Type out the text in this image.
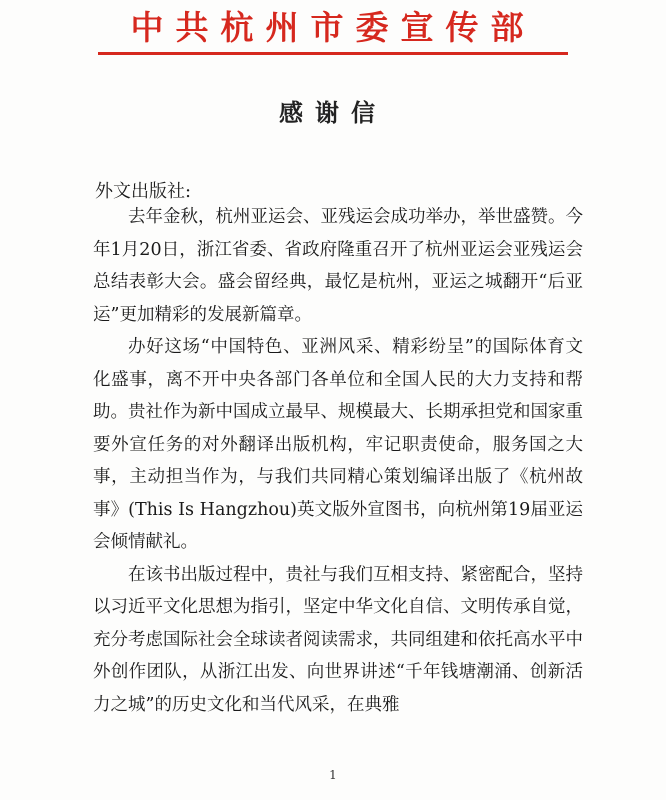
中共杭州市委宣传部
感谢信
外文出版社:

去年金秋，杭州亚运会、亚残运会成功举办，举世盛赞。今年1月20日，浙江省委、省政府隆重召开了杭州亚运会亚残运会总结表彰大会。盛会留经典，最忆是杭州，亚运之城翻开“后亚运”更加精彩的发展新篇章。

办好这场“中国特色、亚洲风采、精彩纷呈”的国际体育文化盛事，离不开中央各部门各单位和全国人民的大力支持和帮助。贵社作为新中国成立最早、规模最大、长期承担党和国家重要外宣任务的对外翻译出版机构，牢记职责使命，服务国之大事，主动担当作为，与我们共同精心策划编译出版了《杭州故事》(This Is Hangzhou)英文版外宣图书，向杭州第19届亚运会倾情献礼。

在该书出版过程中，贵社与我们互相支持、紧密配合，坚持以习近平文化思想为指引，坚定中华文化自信、文明传承自觉，充分考虑国际社会全球读者阅读需求，共同组建和依托高水平中外创作团队，从浙江出发、向世界讲述“千年钱塘潮涌、创新活力之城”的历史文化和当代风采，在典雅

1
